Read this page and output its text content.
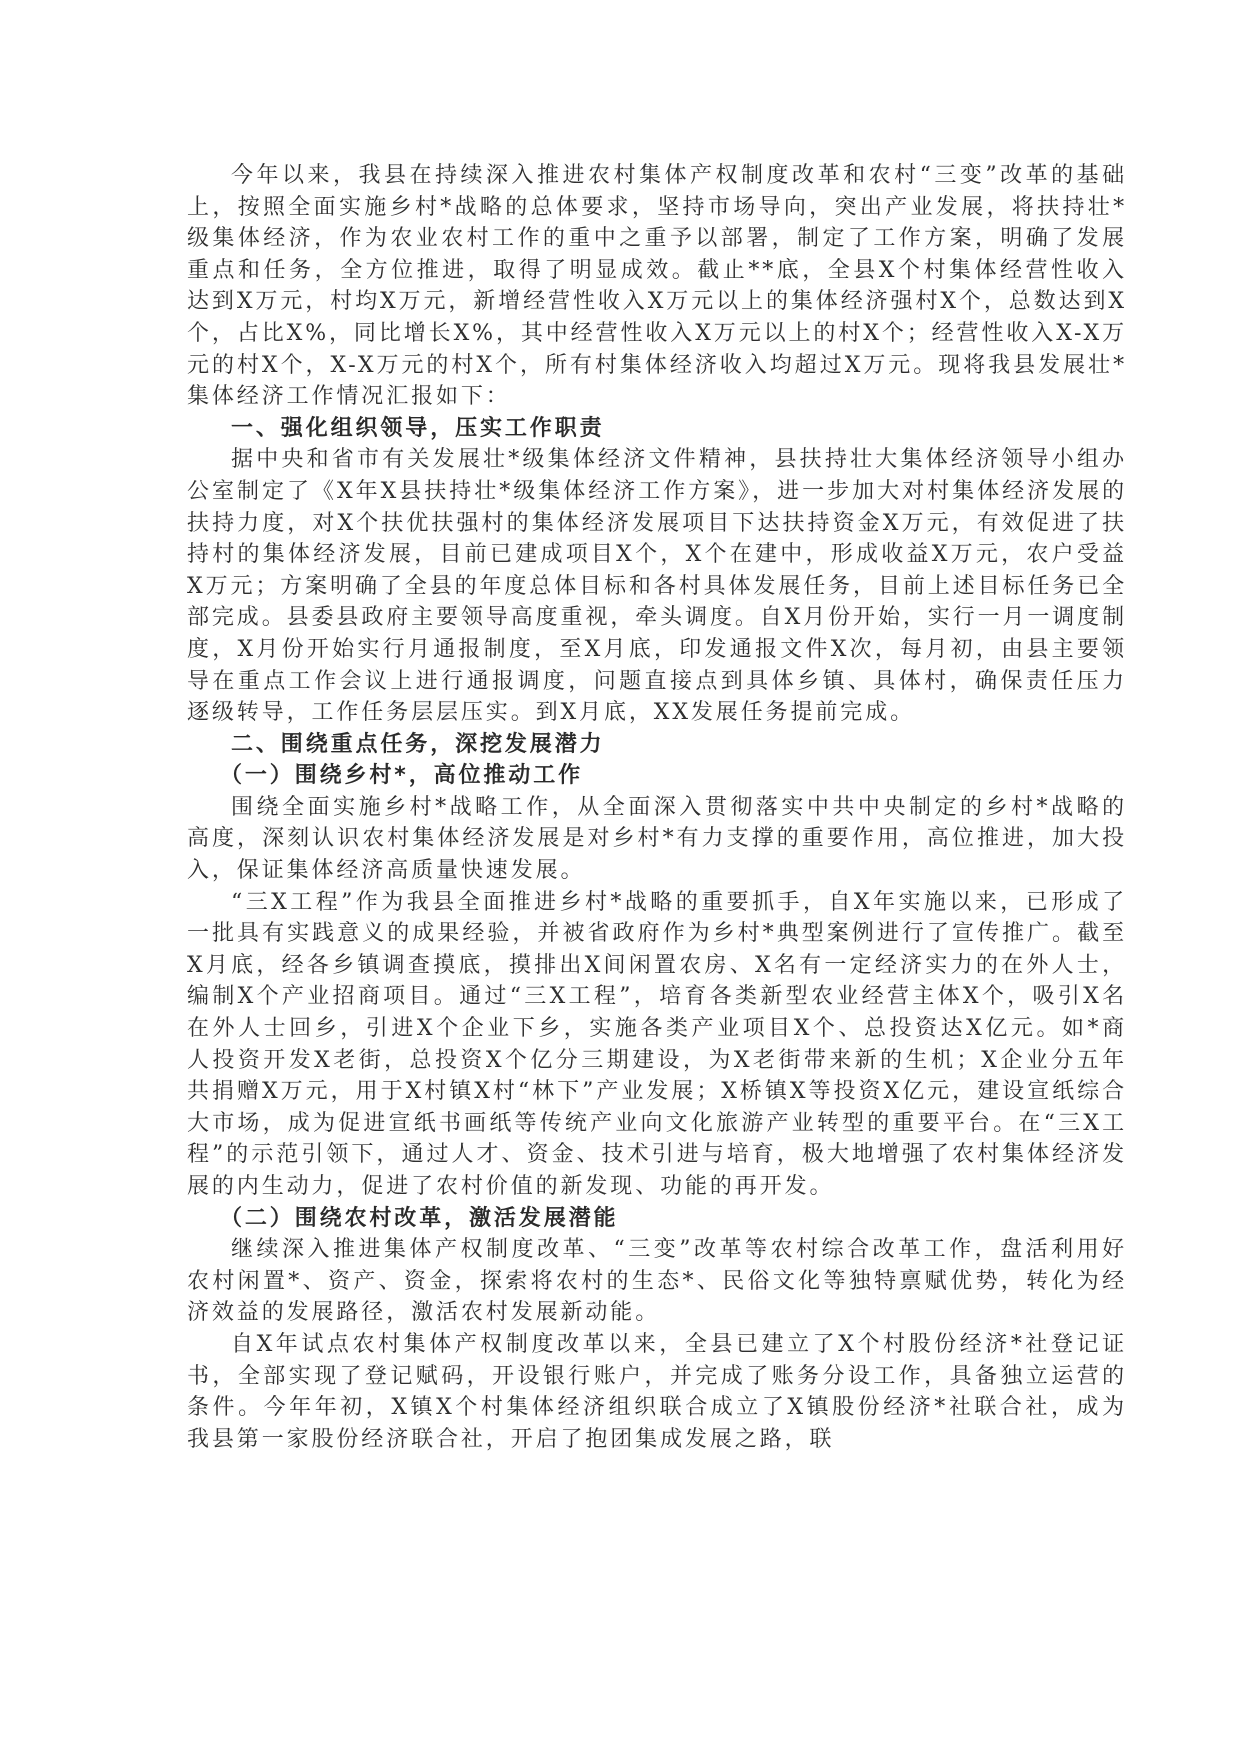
今年以来，我县在持续深入推进农村集体产权制度改革和农村“三变”改革的基础上，按照全面实施乡村*战略的总体要求，坚持市场导向，突出产业发展，将扶持壮*级集体经济，作为农业农村工作的重中之重予以部署，制定了工作方案，明确了发展重点和任务，全方位推进，取得了明显成效。截止**底，全县X个村集体经营性收入达到X万元，村均X万元，新增经营性收入X万元以上的集体经济强村X个，总数达到X个，占比X%，同比增长X%，其中经营性收入X万元以上的村X个；经营性收入X-X万元的村X个，X-X万元的村X个，所有村集体经济收入均超过X万元。现将我县发展壮*集体经济工作情况汇报如下：

一、强化组织领导，压实工作职责

据中央和省市有关发展壮*级集体经济文件精神，县扶持壮大集体经济领导小组办公室制定了《X年X县扶持壮*级集体经济工作方案》，进一步加大对村集体经济发展的扶持力度，对X个扶优扶强村的集体经济发展项目下达扶持资金X万元，有效促进了扶持村的集体经济发展，目前已建成项目X个，X个在建中，形成收益X万元，农户受益X万元；方案明确了全县的年度总体目标和各村具体发展任务，目前上述目标任务已全部完成。县委县政府主要领导高度重视，牵头调度。自X月份开始，实行一月一调度制度，X月份开始实行月通报制度，至X月底，印发通报文件X次，每月初，由县主要领导在重点工作会议上进行通报调度，问题直接点到具体乡镇、具体村，确保责任压力逐级转导，工作任务层层压实。到X月底，XX发展任务提前完成。

二、围绕重点任务，深挖发展潜力

（一）围绕乡村*，高位推动工作

围绕全面实施乡村*战略工作，从全面深入贯彻落实中共中央制定的乡村*战略的高度，深刻认识农村集体经济发展是对乡村*有力支撑的重要作用，高位推进，加大投入，保证集体经济高质量快速发展。

“三X工程”作为我县全面推进乡村*战略的重要抓手，自X年实施以来，已形成了一批具有实践意义的成果经验，并被省政府作为乡村*典型案例进行了宣传推广。截至X月底，经各乡镇调查摸底，摸排出X间闲置农房、X名有一定经济实力的在外人士，编制X个产业招商项目。通过“三X工程”，培育各类新型农业经营主体X个，吸引X名在外人士回乡，引进X个企业下乡，实施各类产业项目X个、总投资达X亿元。如*商人投资开发X老街，总投资X个亿分三期建设，为X老街带来新的生机；X企业分五年共捐赠X万元，用于X村镇X村“林下”产业发展；X桥镇X等投资X亿元，建设宣纸综合大市场，成为促进宣纸书画纸等传统产业向文化旅游产业转型的重要平台。在“三X工程”的示范引领下，通过人才、资金、技术引进与培育，极大地增强了农村集体经济发展的内生动力，促进了农村价值的新发现、功能的再开发。

（二）围绕农村改革，激活发展潜能

继续深入推进集体产权制度改革、“三变”改革等农村综合改革工作，盘活利用好农村闲置*、资产、资金，探索将农村的生态*、民俗文化等独特禀赋优势，转化为经济效益的发展路径，激活农村发展新动能。

自X年试点农村集体产权制度改革以来，全县已建立了X个村股份经济*社登记证书，全部实现了登记赋码，开设银行账户，并完成了账务分设工作，具备独立运营的条件。今年年初，X镇X个村集体经济组织联合成立了X镇股份经济*社联合社，成为我县第一家股份经济联合社，开启了抱团集成发展之路，联
